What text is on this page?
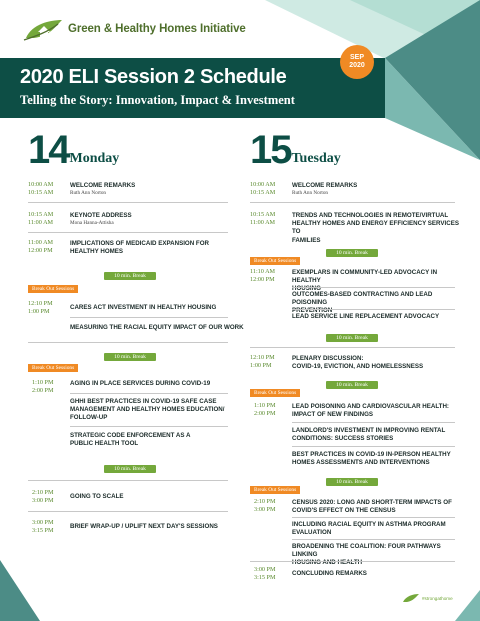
Green & Healthy Homes Initiative
2020 ELI Session 2 Schedule
Telling the Story: Innovation, Impact & Investment
SEP
2020
14 Monday
10:00 AM
10:15 AM
WELCOME REMARKS
Ruth Ann Norton
10:15 AM
11:00 AM
KEYNOTE ADDRESS
Mona Hanna-Attisha
11:00 AM
12:00 PM
IMPLICATIONS OF MEDICAID EXPANSION FOR
HEALTHY HOMES
10 min. Break
Break Out Sessions
12:10 PM
1:00 PM
CARES ACT INVESTMENT IN HEALTHY HOUSING
MEASURING THE RACIAL EQUITY IMPACT OF OUR WORK
10 min. Break
Break Out Sessions
1:10 PM
2:00 PM
AGING IN PLACE SERVICES DURING COVID-19
GHHI BEST PRACTICES IN COVID-19 SAFE CASE
MANAGEMENT AND HEALTHY HOMES EDUCATION/
FOLLOW-UP
STRATEGIC CODE ENFORCEMENT AS A
PUBLIC HEALTH TOOL
10 min. Break
2:10 PM
3:00 PM
GOING TO SCALE
3:00 PM
3:15 PM
BRIEF WRAP-UP / UPLIFT NEXT DAY'S SESSIONS
15 Tuesday
10:00 AM
10:15 AM
WELCOME REMARKS
Ruth Ann Norton
10:15 AM
11:00 AM
TRENDS AND TECHNOLOGIES IN REMOTE/VIRTUAL
HEALTHY HOMES AND ENERGY EFFICIENCY SERVICES TO
FAMILIES
10 min. Break
Break Out Sessions
11:10 AM
12:00 PM
EXEMPLARS IN COMMUNITY-LED ADVOCACY IN HEALTHY
HOUSING
OUTCOMES-BASED CONTRACTING AND LEAD POISONING
PREVENTION
LEAD SERVICE LINE REPLACEMENT ADVOCACY
10 min. Break
12:10 PM
1:00 PM
PLENARY DISCUSSION:
COVID-19, EVICTION, AND HOMELESSNESS
10 min. Break
Break Out Sessions
1:10 PM
2:00 PM
LEAD POISONING AND CARDIOVASCULAR HEALTH:
IMPACT OF NEW FINDINGS
LANDLORD'S INVESTMENT IN IMPROVING RENTAL
CONDITIONS: SUCCESS STORIES
BEST PRACTICES IN COVID-19 IN-PERSON HEALTHY
HOMES ASSESSMENTS AND INTERVENTIONS
10 min. Break
Break Out Sessions
2:10 PM
3:00 PM
CENSUS 2020: LONG AND SHORT-TERM IMPACTS OF
COVID'S EFFECT ON THE CENSUS
INCLUDING RACIAL EQUITY IN ASTHMA PROGRAM
EVALUATION
BROADENING THE COALITION: FOUR PATHWAYS LINKING
HOUSING AND HEALTH
3:00 PM
3:15 PM
CONCLUDING REMARKS
#strongathome
